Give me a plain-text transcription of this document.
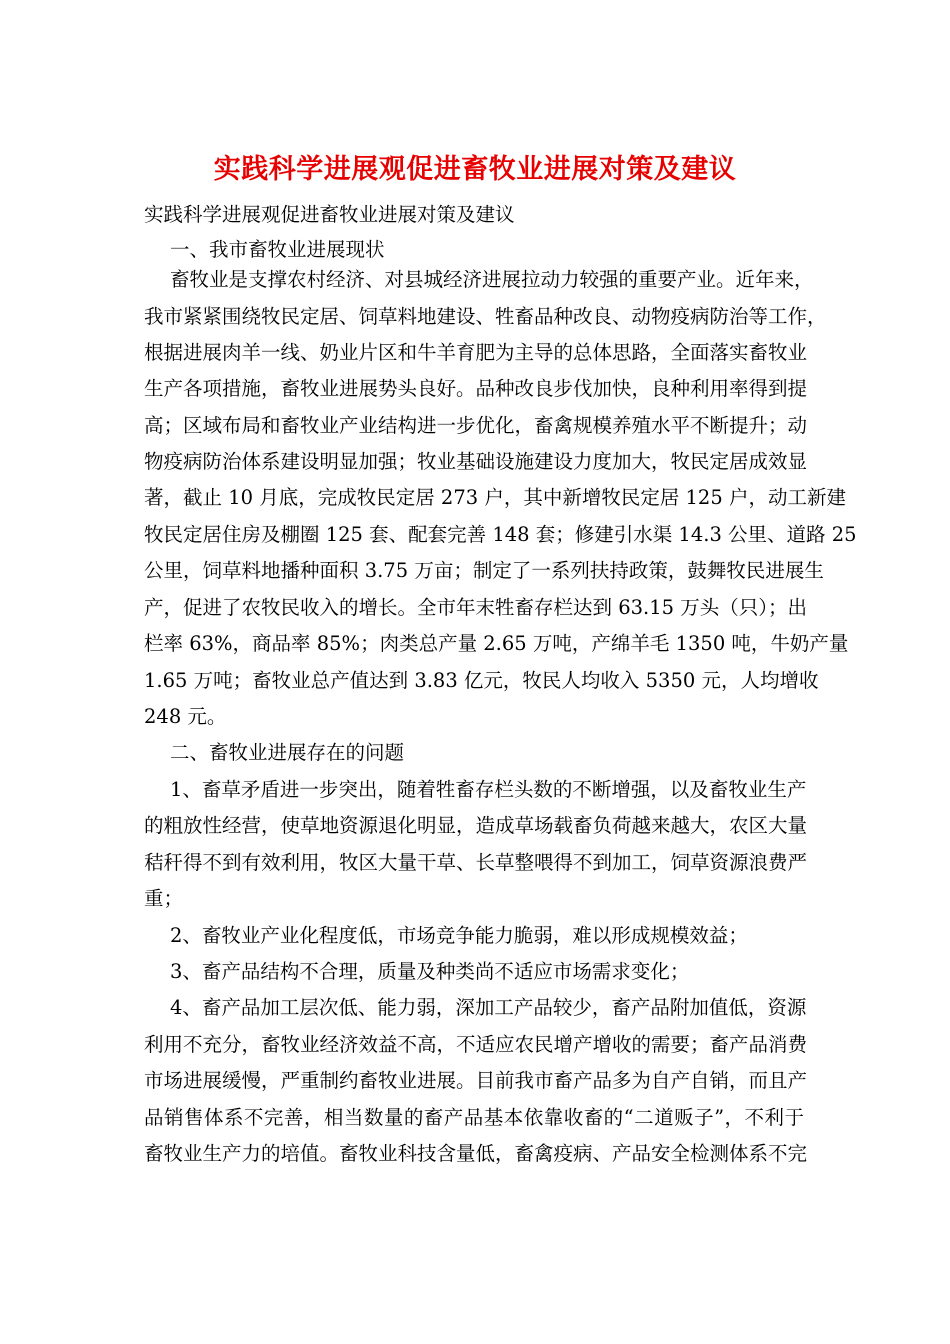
实践科学进展观促进畜牧业进展对策及建议
实践科学进展观促进畜牧业进展对策及建议
一、我市畜牧业进展现状
畜牧业是支撑农村经济、对县城经济进展拉动力较强的重要产业。近年来，
我市紧紧围绕牧民定居、饲草料地建设、牲畜品种改良、动物疫病防治等工作，
根据进展肉羊一线、奶业片区和牛羊育肥为主导的总体思路，全面落实畜牧业
生产各项措施，畜牧业进展势头良好。品种改良步伐加快，良种利用率得到提
高；区域布局和畜牧业产业结构进一步优化，畜禽规模养殖水平不断提升；动
物疫病防治体系建设明显加强；牧业基础设施建设力度加大，牧民定居成效显
著，截止 10 月底，完成牧民定居 273 户，其中新增牧民定居 125 户，动工新建
牧民定居住房及棚圈 125 套、配套完善 148 套；修建引水渠 14.3 公里、道路 25
公里，饲草料地播种面积 3.75 万亩；制定了一系列扶持政策，鼓舞牧民进展生
产，促进了农牧民收入的增长。全市年末牲畜存栏达到 63.15 万头（只）；出
栏率 63%，商品率 85%；肉类总产量 2.65 万吨，产绵羊毛 1350 吨，牛奶产量
1.65 万吨；畜牧业总产值达到 3.83 亿元，牧民人均收入 5350 元，人均增收
248 元。
二、畜牧业进展存在的问题
1、畜草矛盾进一步突出，随着牲畜存栏头数的不断增强，以及畜牧业生产
的粗放性经营，使草地资源退化明显，造成草场载畜负荷越来越大，农区大量
秸秆得不到有效利用，牧区大量干草、长草整喂得不到加工，饲草资源浪费严
重；
2、畜牧业产业化程度低，市场竞争能力脆弱，难以形成规模效益；
3、畜产品结构不合理，质量及种类尚不适应市场需求变化；
4、畜产品加工层次低、能力弱，深加工产品较少，畜产品附加值低，资源
利用不充分，畜牧业经济效益不高，不适应农民增产增收的需要；畜产品消费
市场进展缓慢，严重制约畜牧业进展。目前我市畜产品多为自产自销，而且产
品销售体系不完善，相当数量的畜产品基本依靠收畜的“二道贩子”，不利于
畜牧业生产力的培值。畜牧业科技含量低，畜禽疫病、产品安全检测体系不完
